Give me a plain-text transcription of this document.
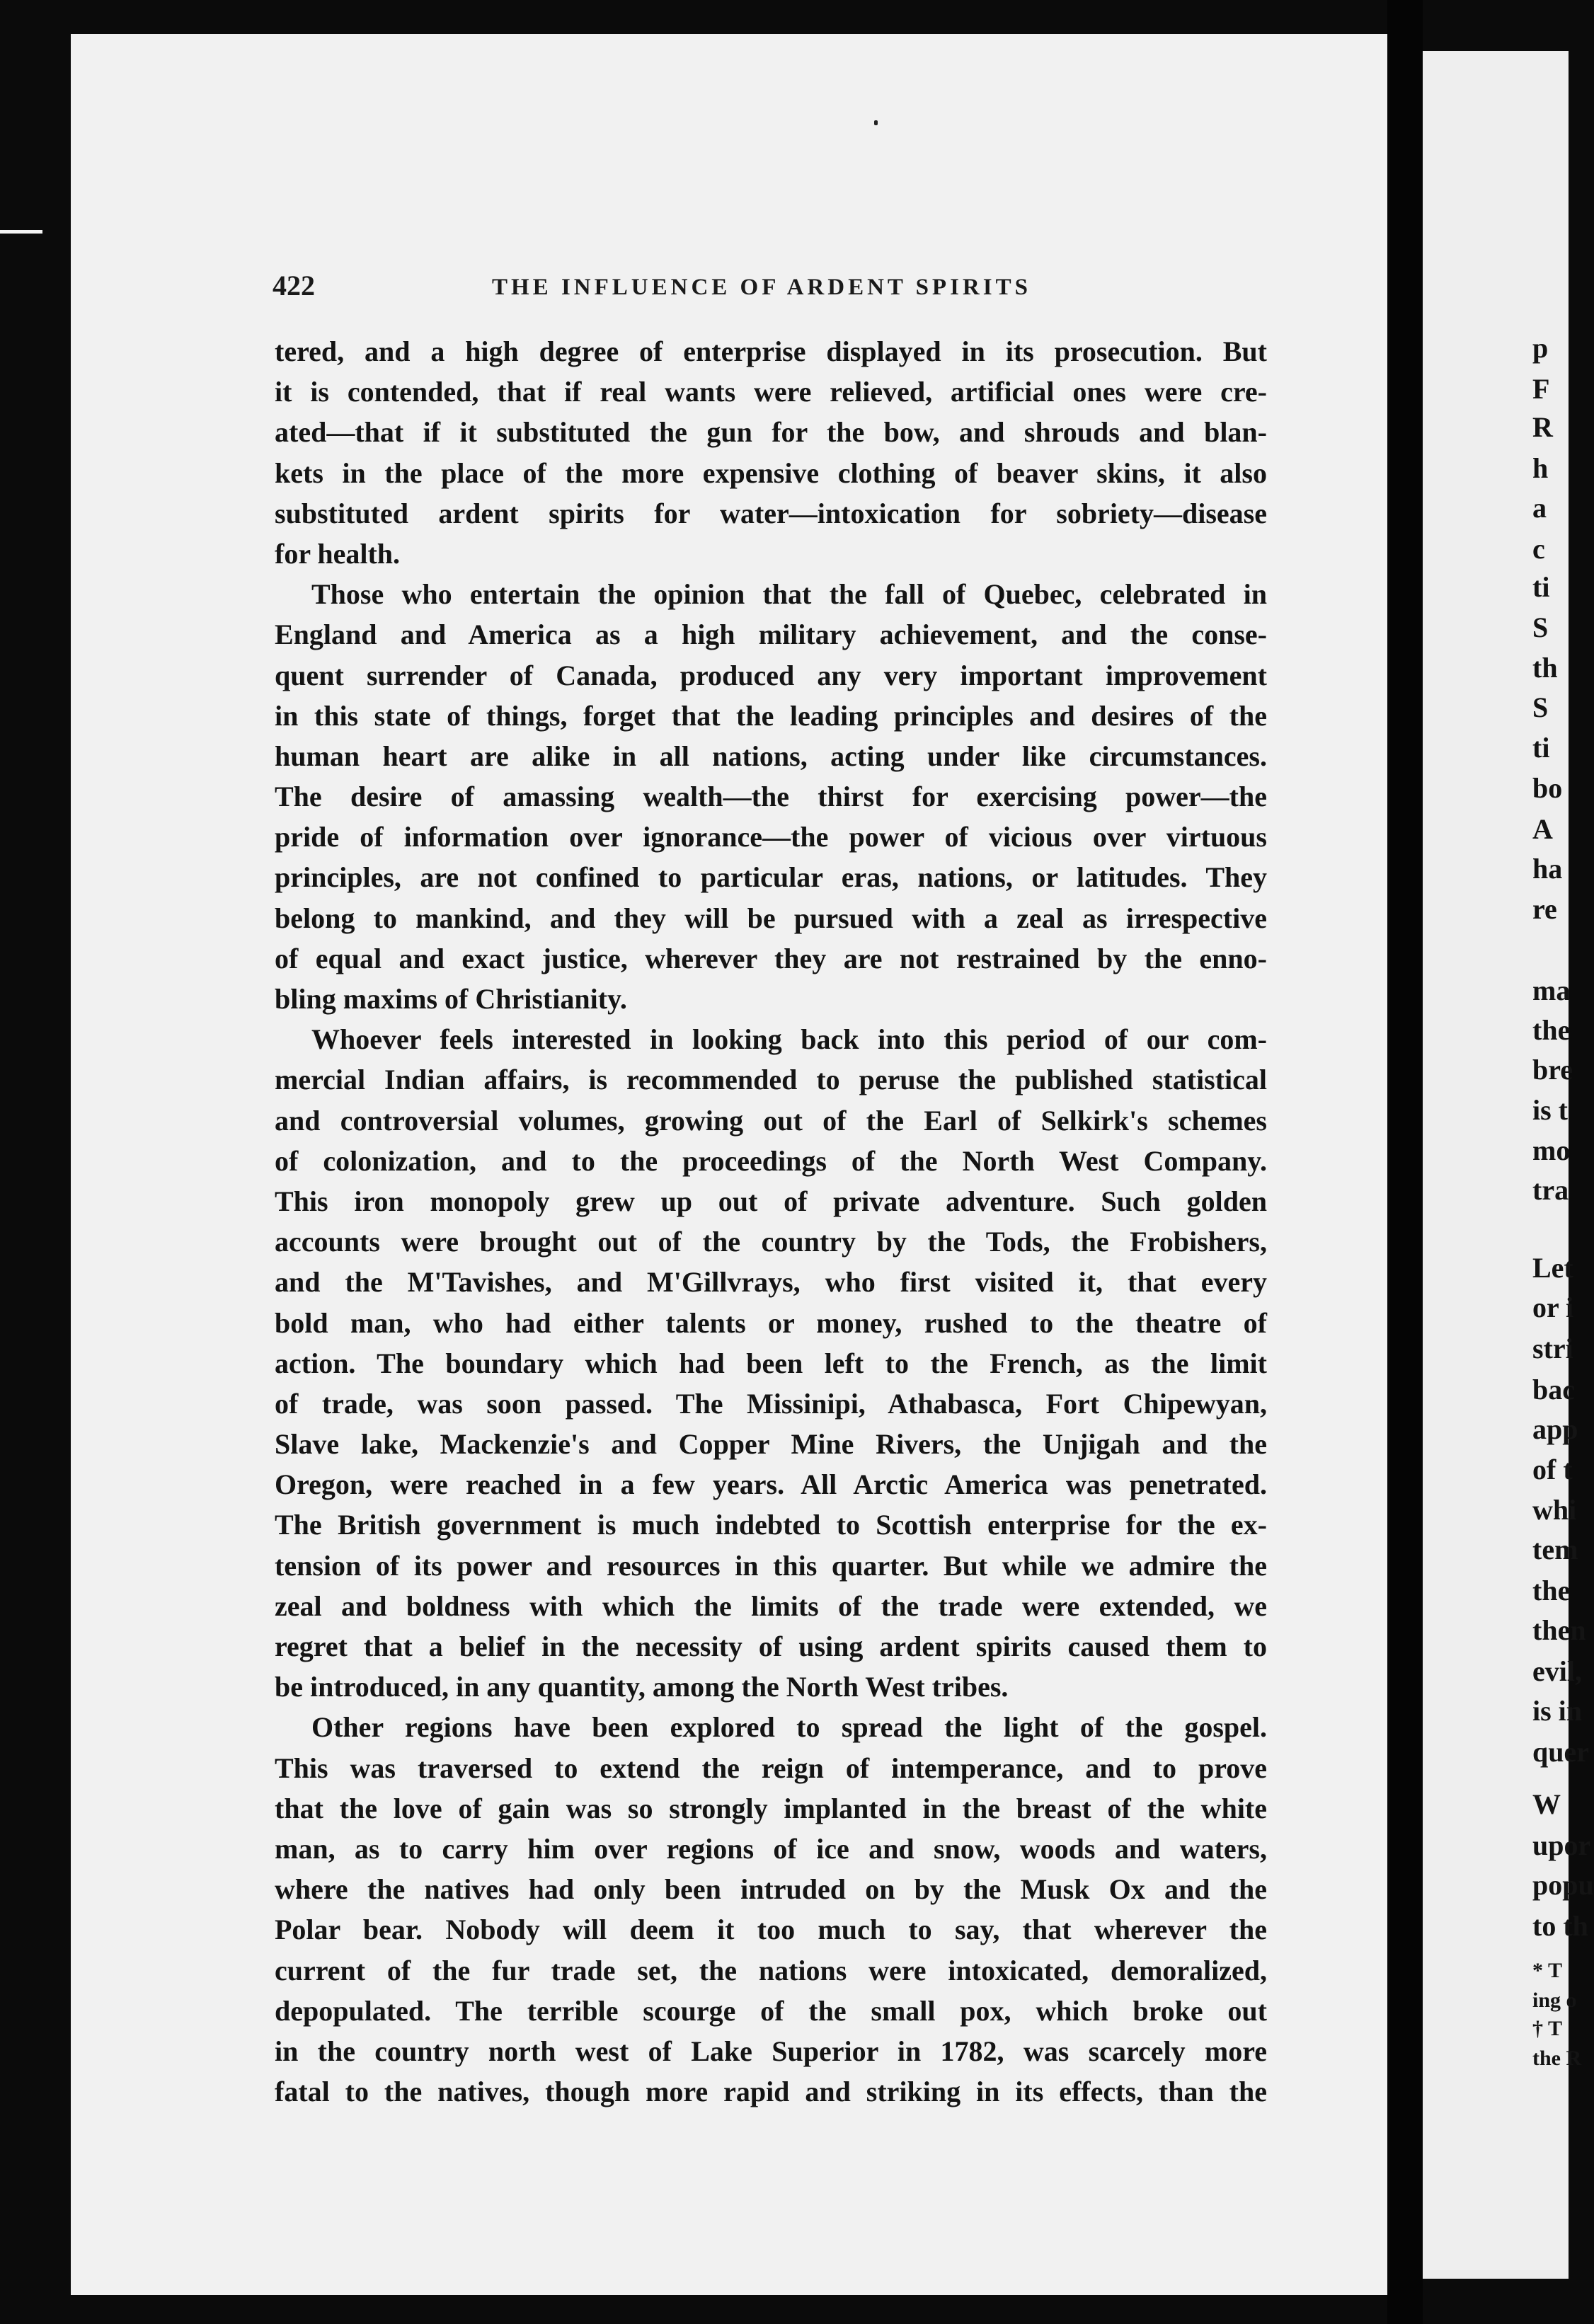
422	THE INFLUENCE OF ARDENT SPIRITS
tered, and a high degree of enterprise displayed in its prosecution. But
it is contended, that if real wants were relieved, artificial ones were cre-
ated—that if it substituted the gun for the bow, and shrouds and blan-
kets in the place of the more expensive clothing of beaver skins, it also
substituted ardent spirits for water—intoxication for sobriety—disease
for health.
Those who entertain the opinion that the fall of Quebec, celebrated in
England and America as a high military achievement, and the conse-
quent surrender of Canada, produced any very important improvement
in this state of things, forget that the leading principles and desires of the
human heart are alike in all nations, acting under like circumstances.
The desire of amassing wealth—the thirst for exercising power—the
pride of information over ignorance—the power of vicious over virtuous
principles, are not confined to particular eras, nations, or latitudes. They
belong to mankind, and they will be pursued with a zeal as irrespective
of equal and exact justice, wherever they are not restrained by the enno-
bling maxims of Christianity.
Whoever feels interested in looking back into this period of our com-
mercial Indian affairs, is recommended to peruse the published statistical
and controversial volumes, growing out of the Earl of Selkirk's schemes
of colonization, and to the proceedings of the North West Company.
This iron monopoly grew up out of private adventure. Such golden
accounts were brought out of the country by the Tods, the Frobishers,
and the M'Tavishes, and M'Gillvrays, who first visited it, that every
bold man, who had either talents or money, rushed to the theatre of
action. The boundary which had been left to the French, as the limit
of trade, was soon passed. The Missinipi, Athabasca, Fort Chipewyan,
Slave lake, Mackenzie's and Copper Mine Rivers, the Unjigah and the
Oregon, were reached in a few years. All Arctic America was penetrated.
The British government is much indebted to Scottish enterprise for the ex-
tension of its power and resources in this quarter. But while we admire the
zeal and boldness with which the limits of the trade were extended, we
regret that a belief in the necessity of using ardent spirits caused them to
be introduced, in any quantity, among the North West tribes.
Other regions have been explored to spread the light of the gospel.
This was traversed to extend the reign of intemperance, and to prove
that the love of gain was so strongly implanted in the breast of the white
man, as to carry him over regions of ice and snow, woods and waters,
where the natives had only been intruded on by the Musk Ox and the
Polar bear. Nobody will deem it too much to say, that wherever the
current of the fur trade set, the nations were intoxicated, demoralized,
depopulated. The terrible scourge of the small pox, which broke out
in the country north west of Lake Superior in 1782, was scarcely more
fatal to the natives, though more rapid and striking in its effects, than the
p
F
R
h
a
c
ti
S
th
S
ti
bo
A
ha
re
ma
the
bre
is t
mo
tra
Let
or i
stri
bac
app
of t
whi
tem
the
then
evil,
is in
quer
W
upor
popu
to th
* T
ing o
† T
the R
